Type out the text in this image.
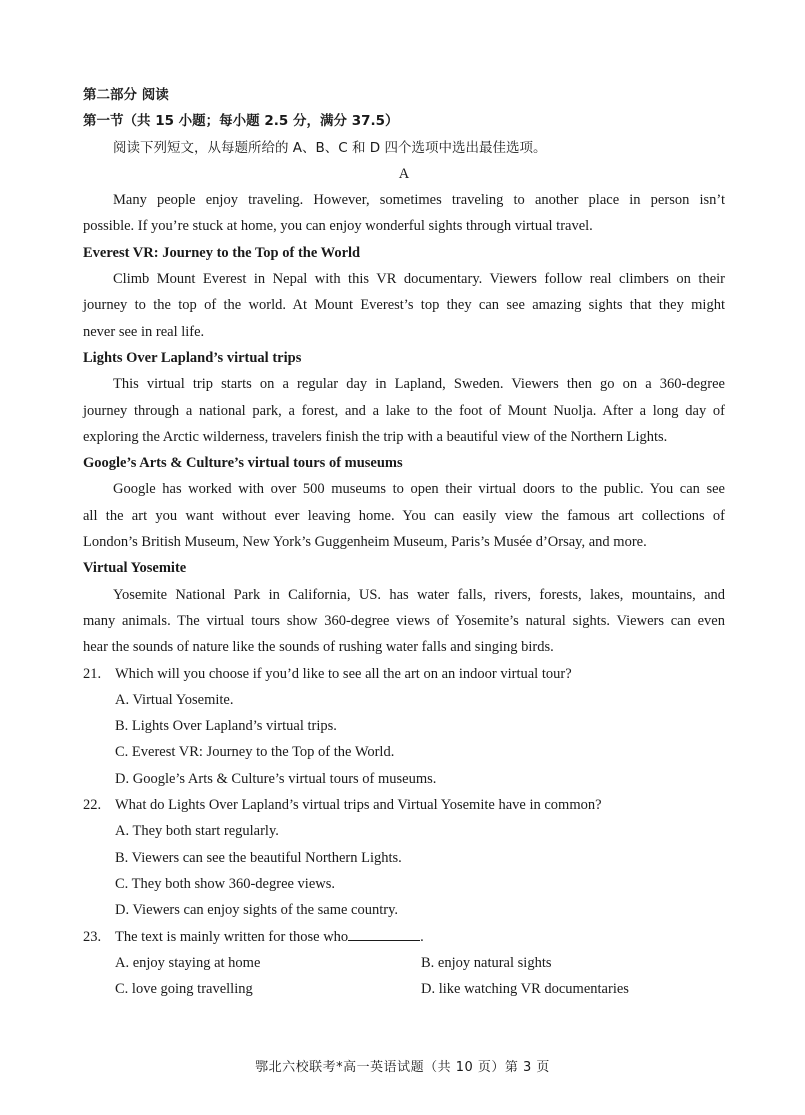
第二部分 阅读
第一节（共 15 小题；每小题 2.5 分，满分 37.5）
阅读下列短文，从每题所给的 A、B、C 和 D 四个选项中选出最佳选项。
A
Many people enjoy traveling. However, sometimes traveling to another place in person isn’t
possible. If you’re stuck at home, you can enjoy wonderful sights through virtual travel.
Everest VR: Journey to the Top of the World
Climb Mount Everest in Nepal with this VR documentary. Viewers follow real climbers on their
journey to the top of the world. At Mount Everest’s top they can see amazing sights that they might
never see in real life.
Lights Over Lapland’s virtual trips
This virtual trip starts on a regular day in Lapland, Sweden. Viewers then go on a 360-degree
journey through a national park, a forest, and a lake to the foot of Mount Nuolja. After a long day of
exploring the Arctic wilderness, travelers finish the trip with a beautiful view of the Northern Lights.
Google’s Arts & Culture’s virtual tours of museums
Google has worked with over 500 museums to open their virtual doors to the public. You can see
all the art you want without ever leaving home. You can easily view the famous art collections of
London’s British Museum, New York’s Guggenheim Museum, Paris’s Musée d’Orsay, and more.
Virtual Yosemite
Yosemite National Park in California, US. has water falls, rivers, forests, lakes, mountains, and
many animals. The virtual tours show 360-degree views of Yosemite’s natural sights. Viewers can even
hear the sounds of nature like the sounds of rushing water falls and singing birds.
21. Which will you choose if you’d like to see all the art on an indoor virtual tour?
A. Virtual Yosemite.
B. Lights Over Lapland’s virtual trips.
C. Everest VR: Journey to the Top of the World.
D. Google’s Arts & Culture’s virtual tours of museums.
22. What do Lights Over Lapland’s virtual trips and Virtual Yosemite have in common?
A. They both start regularly.
B. Viewers can see the beautiful Northern Lights.
C. They both show 360-degree views.
D. Viewers can enjoy sights of the same country.
23. The text is mainly written for those who	.
A. enjoy staying at home	B. enjoy natural sights
C. love going travelling	D. like watching VR documentaries
鄂北六校联考*高一英语试题（共 10 页）第 3 页
